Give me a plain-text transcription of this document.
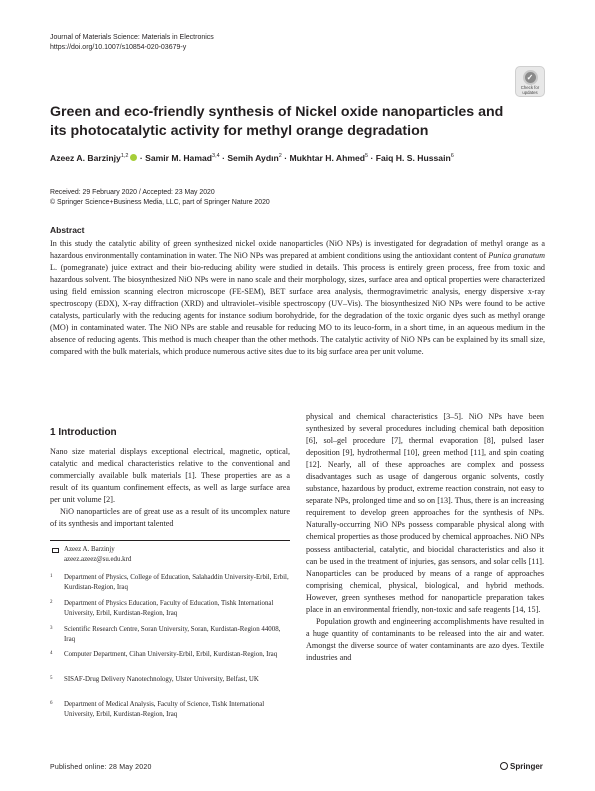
Journal of Materials Science: Materials in Electronics
https://doi.org/10.1007/s10854-020-03679-y
✓
Check for
updates
Green and eco-friendly synthesis of Nickel oxide nanoparticles and its photocatalytic activity for methyl orange degradation
Azeez A. Barzinjy$^{1,2}$ · Samir M. Hamad$^{3,4}$ · Semih Aydın$^2$ · Mukhtar H. Ahmed$^5$ · Faiq H. S. Hussain$^6$
Received: 29 February 2020 / Accepted: 23 May 2020
© Springer Science+Business Media, LLC, part of Springer Nature 2020
Abstract
In this study the catalytic ability of green synthesized nickel oxide nanoparticles (NiO NPs) is investigated for degradation of methyl orange as a hazardous environmentally contamination in water. The NiO NPs was prepared at ambient conditions using the antioxidant content of Punica granatum L. (pomegranate) juice extract and their bio-reducing ability were studied in details. This process is entirely green process, free from toxic and hazardous solvent. The biosynthesized NiO NPs were in nano scale and their morphology, sizes, surface area and optical properties were characterized using field emission scanning electron microscope (FE-SEM), BET surface area analysis, thermogravimetric analysis, energy dispersive x-ray spectroscopy (EDX), X-ray diffraction (XRD) and ultraviolet–visible spectroscopy (UV–Vis). The biosynthesized NiO NPs were found to be active catalysts, particularly with the reducing agents for instance sodium borohydride, for the degradation of the toxic organic dyes such as methyl orange (MO) in contaminated water. The NiO NPs are stable and reusable for reducing MO to its leuco-form, in a short time, in an aqueous medium in the absence of reducing agents. This method is much cheaper than the other methods. The catalytic activity of NiO NPs can be explained by its small size, compared with the bulk materials, which produce numerous active sites due to its big surface area per unit volume.
1 Introduction

Nano size material displays exceptional electrical, magnetic, optical, catalytic and medical characteristics relative to the conventional and commercially available bulk materials [1]. These properties are as a result of its quantum confinement effects, as well as large surface area per unit volume [2].

NiO nanoparticles are of great use as a result of its uncomplex nature of its synthesis and important talented

physical and chemical characteristics [3–5]. NiO NPs have been synthesized by several procedures including chemical bath deposition [6], sol–gel procedure [7], thermal evaporation [8], pulsed laser deposition [9], hydrothermal [10], green method [11], and spin coating [12]. Nearly, all of these approaches are complex and possess disadvantages such as usage of dangerous organic solvents, costly substance, hazardous by product, extreme reaction constrain, not easy to separate NPs, prolonged time and so on [13]. Thus, there is an increasing requirement to develop green approaches for the synthesis of NPs. Naturally-occurring NiO NPs possess comparable physical along with chemical properties as those produced by chemical approaches. NiO NPs possess antibacterial, catalytic, and biocidal characteristics and also it can be used in the treatment of injuries, gas sensors, and solar cells [11]. Nanoparticles can be produced by means of a range of approaches comprising chemical, physical, biological, and hybrid methods. However, green syntheses method for nanoparticle preparation takes place in an environmental friendly, non-toxic and safe reagents [14, 15].

Population growth and engineering accomplishments have resulted in a huge quantity of contaminants to be released into the air and water. Amongst the diverse source of water contaminants are azo dyes. Textile industries and

Azeez A. Barzinjy
azeez.azeez@su.edu.krd
1 Department of Physics, College of Education, Salahaddin University-Erbil, Erbil, Kurdistan-Region, Iraq
2 Department of Physics Education, Faculty of Education, Tishk International University, Erbil, Kurdistan-Region, Iraq
3 Scientific Research Centre, Soran University, Soran, Kurdistan-Region 44008, Iraq
4 Computer Department, Cihan University-Erbil, Erbil, Kurdistan-Region, Iraq
5 SISAF-Drug Delivery Nanotechnology, Ulster University, Belfast, UK
6 Department of Medical Analysis, Faculty of Science, Tishk International University, Erbil, Kurdistan-Region, Iraq
Published online: 28 May 2020	Springer
